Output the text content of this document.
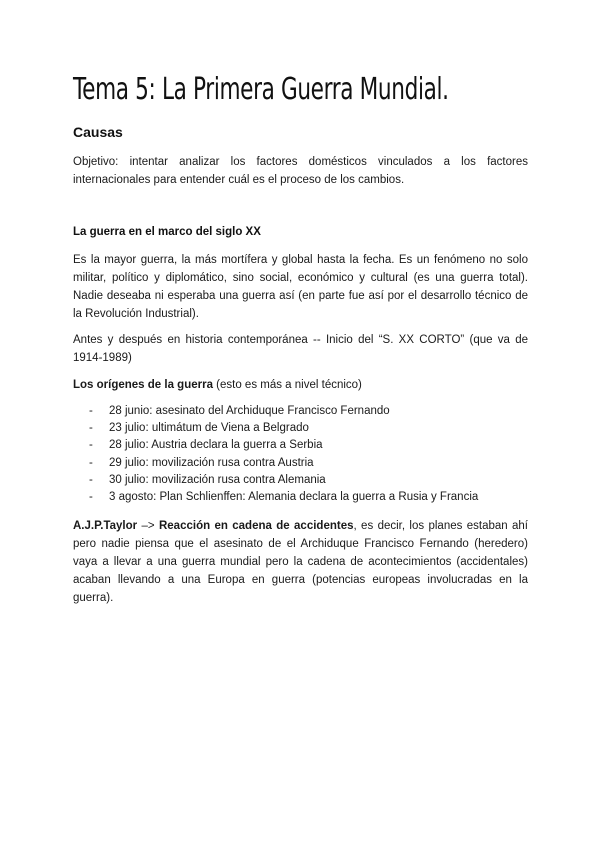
Tema 5: La Primera Guerra Mundial.
Causas

Objetivo: intentar analizar los factores domésticos vinculados a los factores internacionales para entender cuál es el proceso de los cambios.

La guerra en el marco del siglo XX

Es la mayor guerra, la más mortífera y global hasta la fecha. Es un fenómeno no solo militar, político y diplomático, sino social, económico y cultural (es una guerra total). Nadie deseaba ni esperaba una guerra así (en parte fue así por el desarrollo técnico de la Revolución Industrial).

Antes y después en historia contemporánea -- Inicio del “S. XX CORTO” (que va de 1914-1989)

Los orígenes de la guerra (esto es más a nivel técnico)
- 28 junio: asesinato del Archiduque Francisco Fernando
- 23 julio: ultimátum de Viena a Belgrado
- 28 julio: Austria declara la guerra a Serbia
- 29 julio: movilización rusa contra Austria
- 30 julio: movilización rusa contra Alemania
- 3 agosto: Plan Schlienffen: Alemania declara la guerra a Rusia y Francia

A.J.P.Taylor –> Reacción en cadena de accidentes, es decir, los planes estaban ahí pero nadie piensa que el asesinato de el Archiduque Francisco Fernando (heredero) vaya a llevar a una guerra mundial pero la cadena de acontecimientos (accidentales) acaban llevando a una Europa en guerra (potencias europeas involucradas en la guerra).
